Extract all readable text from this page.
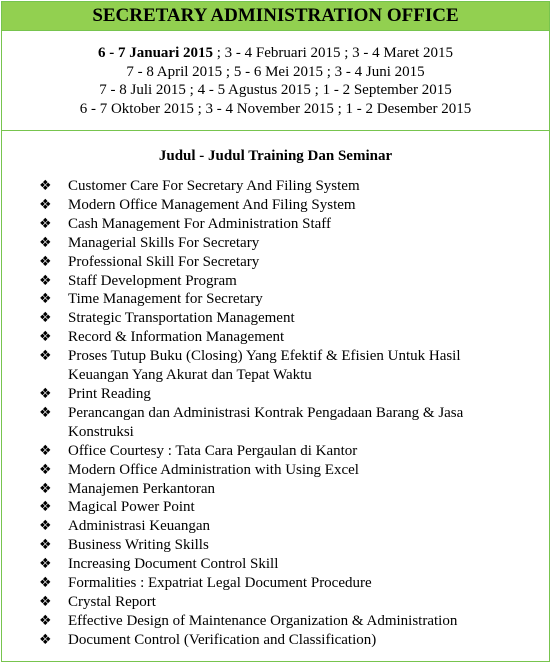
SECRETARY ADMINISTRATION OFFICE
6 - 7 Januari 2015 ; 3 - 4 Februari 2015 ; 3 - 4 Maret 2015
7 - 8 April 2015 ; 5 - 6 Mei 2015 ; 3 - 4 Juni 2015
7 - 8 Juli 2015 ; 4 - 5 Agustus 2015 ; 1 - 2 September 2015
6 - 7 Oktober 2015 ; 3 - 4 November 2015 ; 1 - 2 Desember 2015
Judul - Judul Training Dan Seminar
❖ Customer Care For Secretary And Filing System
❖ Modern Office Management And Filing System
❖ Cash Management For Administration Staff
❖ Managerial Skills For Secretary
❖ Professional Skill For Secretary
❖ Staff Development Program
❖ Time Management for Secretary
❖ Strategic Transportation Management
❖ Record & Information Management
❖ Proses Tutup Buku (Closing) Yang Efektif & Efisien Untuk Hasil Keuangan Yang Akurat dan Tepat Waktu
❖ Print Reading
❖ Perancangan dan Administrasi Kontrak Pengadaan Barang & Jasa Konstruksi
❖ Office Courtesy : Tata Cara Pergaulan di Kantor
❖ Modern Office Administration with Using Excel
❖ Manajemen Perkantoran
❖ Magical Power Point
❖ Administrasi Keuangan
❖ Business Writing Skills
❖ Increasing Document Control Skill
❖ Formalities : Expatriat Legal Document Procedure
❖ Crystal Report
❖ Effective Design of Maintenance Organization & Administration
❖ Document Control (Verification and Classification)
